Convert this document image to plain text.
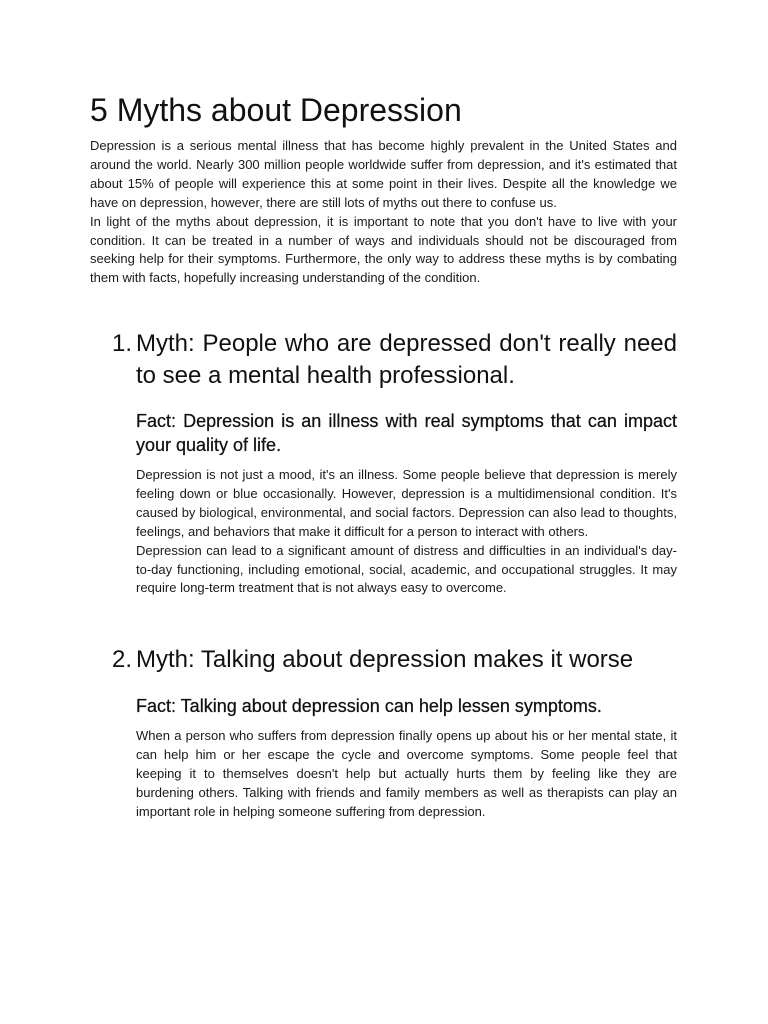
5 Myths about Depression

Depression is a serious mental illness that has become highly prevalent in the United States and around the world. Nearly 300 million people worldwide suffer from depression, and it's estimated that about 15% of people will experience this at some point in their lives. Despite all the knowledge we have on depression, however, there are still lots of myths out there to confuse us.

In light of the myths about depression, it is important to note that you don't have to live with your condition. It can be treated in a number of ways and individuals should not be discouraged from seeking help for their symptoms. Furthermore, the only way to address these myths is by combating them with facts, hopefully increasing understanding of the condition.

1. Myth: People who are depressed don't really need to see a mental health professional.
Fact: Depression is an illness with real symptoms that can impact your quality of life.

Depression is not just a mood, it's an illness. Some people believe that depression is merely feeling down or blue occasionally. However, depression is a multidimensional condition. It's caused by biological, environmental, and social factors. Depression can also lead to thoughts, feelings, and behaviors that make it difficult for a person to interact with others.

Depression can lead to a significant amount of distress and difficulties in an individual's day-to-day functioning, including emotional, social, academic, and occupational struggles. It may require long-term treatment that is not always easy to overcome.

2. Myth: Talking about depression makes it worse
Fact: Talking about depression can help lessen symptoms.

When a person who suffers from depression finally opens up about his or her mental state, it can help him or her escape the cycle and overcome symptoms. Some people feel that keeping it to themselves doesn't help but actually hurts them by feeling like they are burdening others. Talking with friends and family members as well as therapists can play an important role in helping someone suffering from depression.
